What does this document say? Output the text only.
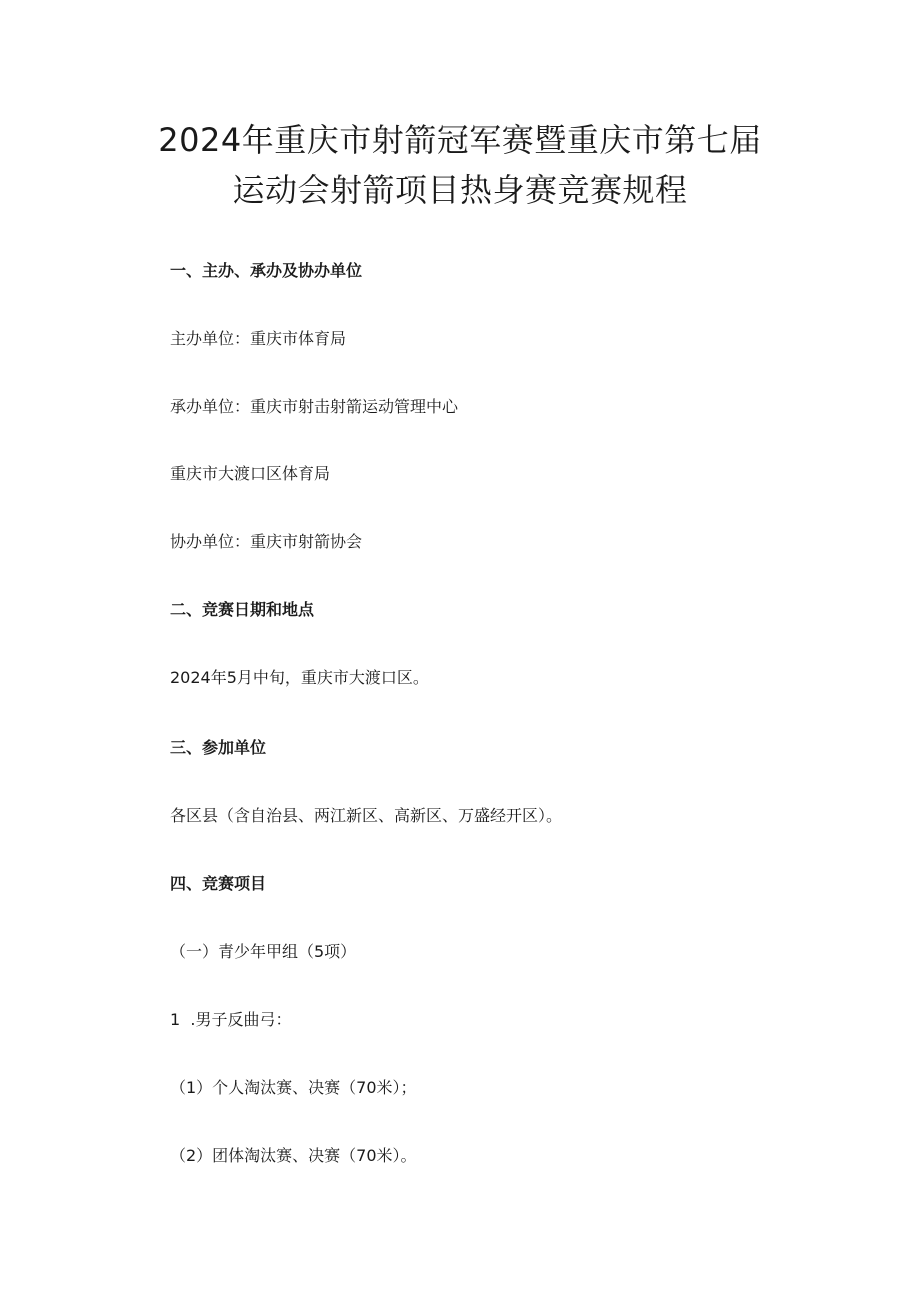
2024年重庆市射箭冠军赛暨重庆市第七届
运动会射箭项目热身赛竞赛规程

一、主办、承办及协办单位

主办单位：重庆市体育局

承办单位：重庆市射击射箭运动管理中心

重庆市大渡口区体育局

协办单位：重庆市射箭协会

二、竞赛日期和地点

2024年5月中旬，重庆市大渡口区。

三、参加单位

各区县（含自治县、两江新区、高新区、万盛经开区）。

四、竞赛项目

（一）青少年甲组（5项）

1  .男子反曲弓：

（1）个人淘汰赛、决赛（70米）；

（2）团体淘汰赛、决赛（70米）。
